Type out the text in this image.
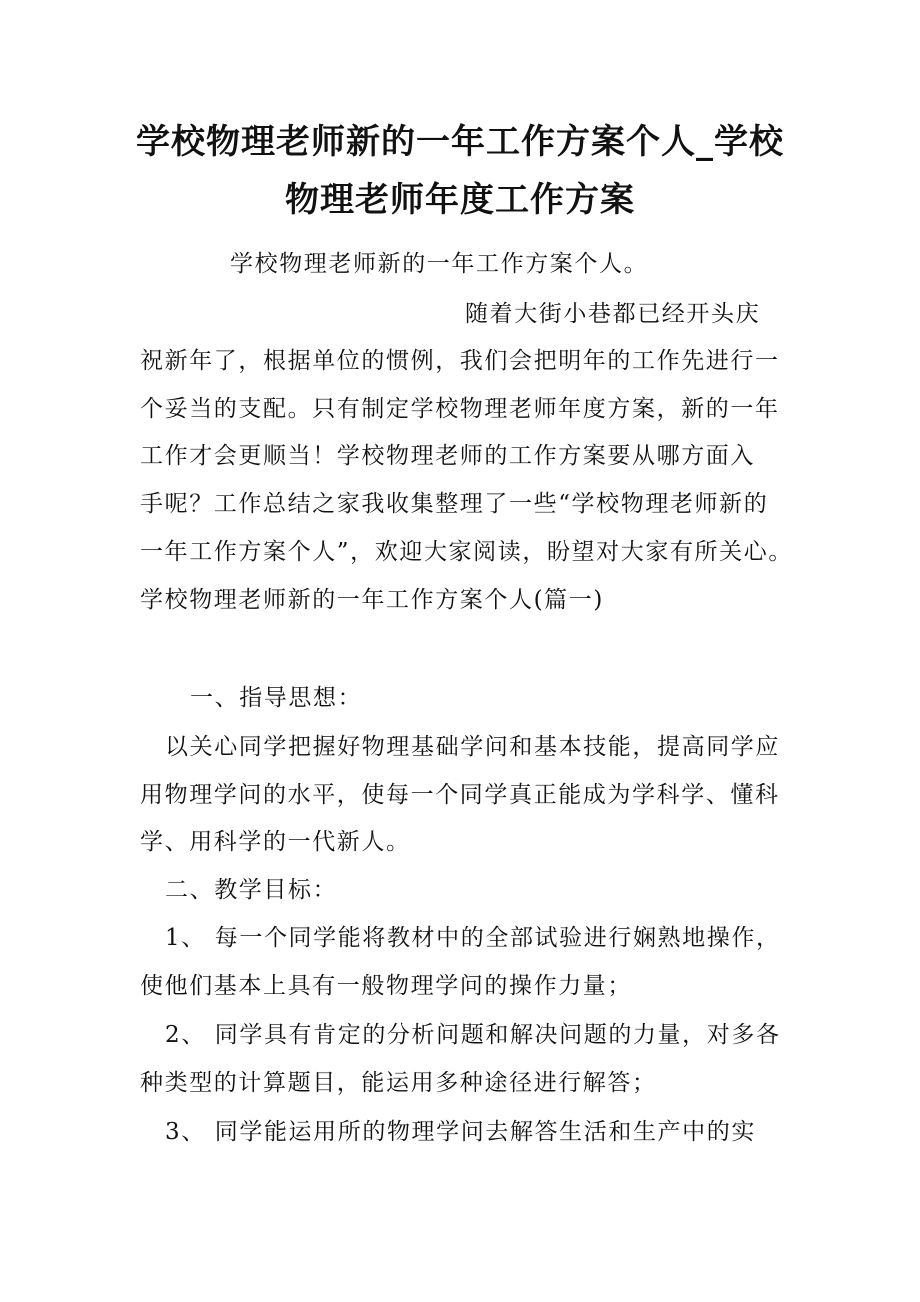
学校物理老师新的一年工作方案个人_学校
物理老师年度工作方案
学校物理老师新的一年工作方案个人。
随着大街小巷都已经开头庆
祝新年了，根据单位的惯例，我们会把明年的工作先进行一
个妥当的支配。只有制定学校物理老师年度方案，新的一年
工作才会更顺当！学校物理老师的工作方案要从哪方面入
手呢？工作总结之家我收集整理了一些“学校物理老师新的
一年工作方案个人”，欢迎大家阅读，盼望对大家有所关心。
学校物理老师新的一年工作方案个人(篇一)
一、指导思想：
以关心同学把握好物理基础学问和基本技能，提高同学应
用物理学问的水平，使每一个同学真正能成为学科学、懂科
学、用科学的一代新人。
二、教学目标：
1、 每一个同学能将教材中的全部试验进行娴熟地操作，
使他们基本上具有一般物理学问的操作力量；
2、 同学具有肯定的分析问题和解决问题的力量，对多各
种类型的计算题目，能运用多种途径进行解答；
3、 同学能运用所的物理学问去解答生活和生产中的实
